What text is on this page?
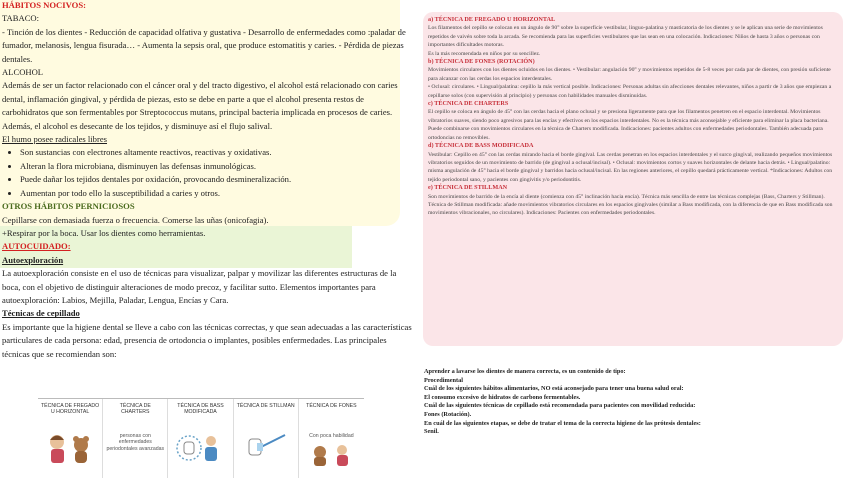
HÁBITOS NOCIVOS:

TABACO:

- Tinción de los dientes - Reducción de capacidad olfativa y gustativa - Desarrollo de enfermedades como :paladar de fumador, melanosis, lengua fisurada… - Aumenta la sepsis oral, que produce estomatitis y caries. - Pérdida de piezas dentales.

ALCOHOL

Además de ser un factor relacionado con el cáncer oral y del tracto digestivo, el alcohol está relacionado con caries dental, inflamación gingival, y pérdida de piezas, esto se debe en parte a que el alcohol presenta restos de carbohidratos que son fermentables por Streptococcus mutans, principal bacteria implicada en procesos de caries. Además, el alcohol es desecante de los tejidos, y disminuye así el flujo salival.

El humo posee radicales libres

• Son sustancias con electrones altamente reactivos, reactivas y oxidativas.
• Alteran la flora microbiana, disminuyen las defensas inmunológicas.
• Puede dañar los tejidos dentales por oxidación, provocando desmineralización.
• Aumentan por todo ello la susceptibilidad a caries y otros.

OTROS HÁBITOS PERNICIOSOS

Cepillarse con demasiada fuerza o frecuencia. Comerse las uñas (onicofagia).

+Respirar por la boca. Usar los dientes como herramientas.

AUTOCUIDADO:

Autoexploración

La autoexploración consiste en el uso de técnicas para visualizar, palpar y movilizar las diferentes estructuras de la boca, con el objetivo de distinguir alteraciones de modo precoz, y facilitar sutto. Elementos importantes para autoexploración: Labios, Mejilla, Paladar, Lengua, Encías y Cara.

Técnicas de cepillado

Es importante que la higiene dental se lleve a cabo con las técnicas correctas, y que sean adecuadas a las características particulares de cada persona: edad, presencia de ortodoncia o implantes, posibles enfermedades. Las principales técnicas que se recomiendan son:

TÉCNICA DE FREGADO U HORIZONTAL
TÉCNICA DE CHARTERS
personas con enfermedades periodontales avanzadas
TÉCNICA DE BASS MODIFICADA
TÉCNICA DE STILLMAN	TÉCNICA DE FONES
Con poca habilidad

a) TÉCNICA DE FREGADO U HORIZONTAL

Los filamentos del cepillo se colocan en un ángulo de 90° sobre la superficie vestibular, linguo-palatina y masticatoria de los dientes y se le aplican una serie de movimientos repetidos de vaivén sobre toda la arcada. Se recomienda para las superficies vestibulares que las sean en una colocación. Indicaciones: Niños de hasta 3 años o personas con importantes dificultades motoras.

Es la más recomendada en niños por su sencillez.

b) TÉCNICA DE FONES (ROTACIÓN)

Movimientos circulares con los dientes ocluidos en los dientes. • Vestibular: angulación 90° y movimientos repetidos de 5-8 veces por cada par de dientes, con presión suficiente para alcanzar con las cerdas los espacios interdentales.

• Oclusal: circulares. • Lingual/palatina: cepillo la más vertical posible. Indicaciones: Personas adultas sin afecciones dentales relevantes, niños a partir de 3 años que empiezan a cepillarse solos (con supervisión al principio) y personas con habilidades manuales disminuidas.

c) TÉCNICA DE CHARTERS

El cepillo se coloca en ángulo de 45° con las cerdas hacia el plano oclusal y se presiona ligeramente para que los filamentos penetren en el espacio interdental. Movimientos vibratorios suaves, siendo poco agresivos para las encías y efectivos en los espacios interdentales. No es la técnica más aconsejable y eficiente para eliminar la placa bacteriana.

Puede combinarse con movimientos circulares en la técnica de Charters modificada. Indicaciones: pacientes adultos con enfermedades periodontales. También adecuada para ortodoncias no removibles.

d) TÉCNICA DE BASS MODIFICADA

Vestibular: Cepillo en 45° con las cerdas mirando hacia el borde gingival. Las cerdas penetran en los espacios interdentales y el surco gingival, realizando pequeños movimientos vibratorios seguidos de un movimiento de barrido (de gingival a oclusal/incisal). • Oclusal: movimientos cortos y suaves horizontales de delante hacia detrás. • Lingual/palatino: misma angulación de 45° hacia el borde gingival y barridos hacia oclusal/incisal. En las regiones anteriores, el cepillo quedará prácticamente vertical. *Indicaciones: Adultos con tejido periodontal sano, y pacientes con gingivitis y/o periodontitis.

e) TÉCNICA DE STILLMAN

Son movimientos de barrido de la encía al diente (comienza con 45° inclinación hacia encía). Técnica más sencilla de entre las técnicas complejas (Bass, Charters y Stillman). Técnica de Stillman modificada: añade movimientos vibratorios circulares en los espacios gingivales (similar a Bass modificada, con la diferencia de que en Bass modificada son movimientos vibracionales, no circulares). Indicaciones: Pacientes con enfermedades periodontales.

Aprender a lavarse los dientes de manera correcta, es un contenido de tipo:

Procedimental

Cuál de los siguientes hábitos alimentarios, NO está aconsejado para tener una buena salud oral:

El consumo excesivo de hidratos de carbono fermentables.

Cuál de las siguientes técnicas de cepillado está recomendada para pacientes con movilidad reducida:

Fones (Rotación).

En cuál de las siguientes etapas, se debe de tratar el tema de la correcta higiene de las prótesis dentales:

Senil.
